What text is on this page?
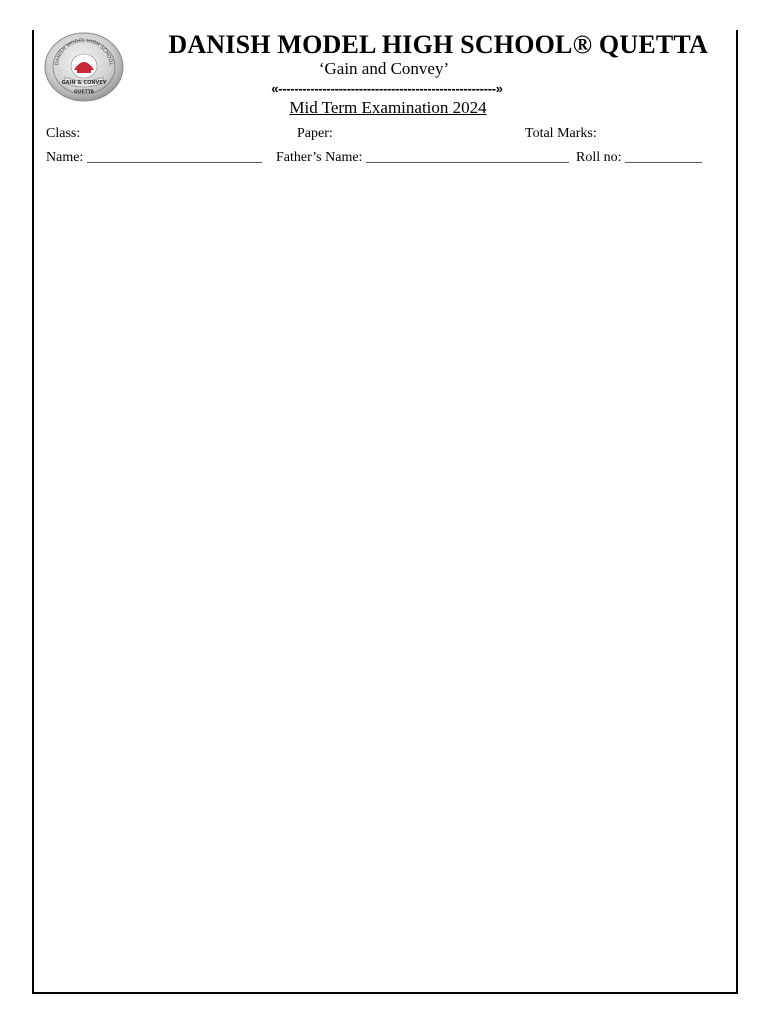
DANISH MODEL HIGH SCHOOL
GAIN & CONVEY
QUETTA
DANISH MODEL HIGH SCHOOL® QUETTA
‘Gain and Convey’
«------------------------------------------------------»
Mid Term Examination 2024
Class:	Paper:	Total Marks:
Name: _________________________ Father’s Name: _____________________________ Roll no: ___________
